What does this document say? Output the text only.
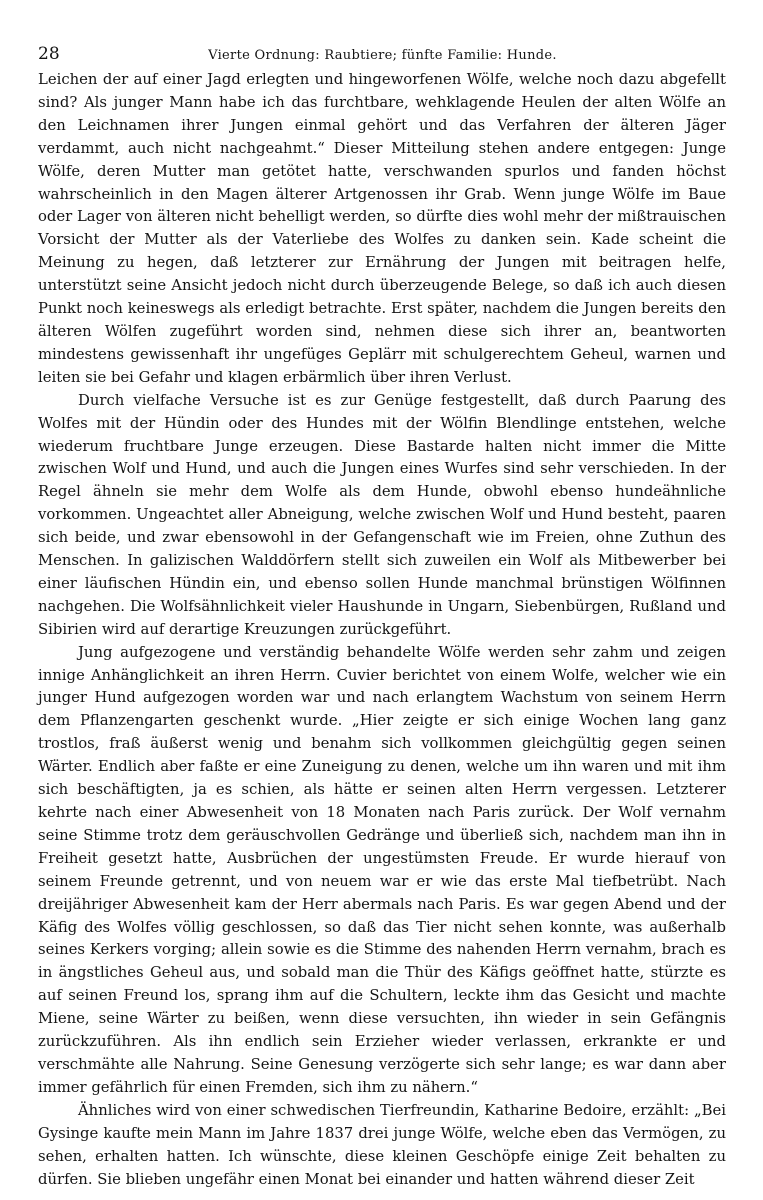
28	Vierte Ordnung: Raubtiere; fünfte Familie: Hunde.

Leichen der auf einer Jagd erlegten und hingeworfenen Wölfe, welche noch dazu abgefellt sind? Als junger Mann habe ich das furchtbare, wehklagende Heulen der alten Wölfe an den Leichnamen ihrer Jungen einmal gehört und das Verfahren der älteren Jäger verdammt, auch nicht nachgeahmt.“ Dieser Mitteilung stehen andere entgegen: Junge Wölfe, deren Mutter man getötet hatte, verschwanden spurlos und fanden höchst wahrscheinlich in den Magen älterer Artgenossen ihr Grab. Wenn junge Wölfe im Baue oder Lager von älteren nicht behelligt werden, so dürfte dies wohl mehr der mißtrauischen Vorsicht der Mutter als der Vaterliebe des Wolfes zu danken sein. Kade scheint die Meinung zu hegen, daß letzterer zur Ernährung der Jungen mit beitragen helfe, unterstützt seine Ansicht jedoch nicht durch überzeugende Belege, so daß ich auch diesen Punkt noch keineswegs als erledigt betrachte. Erst später, nachdem die Jungen bereits den älteren Wölfen zugeführt worden sind, nehmen diese sich ihrer an, beantworten mindestens gewissenhaft ihr ungefüges Geplärr mit schulgerechtem Geheul, warnen und leiten sie bei Gefahr und klagen erbärmlich über ihren Verlust.

Durch vielfache Versuche ist es zur Genüge festgestellt, daß durch Paarung des Wolfes mit der Hündin oder des Hundes mit der Wölfin Blendlinge entstehen, welche wiederum fruchtbare Junge erzeugen. Diese Bastarde halten nicht immer die Mitte zwischen Wolf und Hund, und auch die Jungen eines Wurfes sind sehr verschieden. In der Regel ähneln sie mehr dem Wolfe als dem Hunde, obwohl ebenso hundeähnliche vorkommen. Ungeachtet aller Abneigung, welche zwischen Wolf und Hund besteht, paaren sich beide, und zwar ebensowohl in der Gefangenschaft wie im Freien, ohne Zuthun des Menschen. In galizischen Walddörfern stellt sich zuweilen ein Wolf als Mitbewerber bei einer läufischen Hündin ein, und ebenso sollen Hunde manchmal brünstigen Wölfinnen nachgehen. Die Wolfsähnlichkeit vieler Haushunde in Ungarn, Siebenbürgen, Rußland und Sibirien wird auf derartige Kreuzungen zurückgeführt.

Jung aufgezogene und verständig behandelte Wölfe werden sehr zahm und zeigen innige Anhänglichkeit an ihren Herrn. Cuvier berichtet von einem Wolfe, welcher wie ein junger Hund aufgezogen worden war und nach erlangtem Wachstum von seinem Herrn dem Pflanzengarten geschenkt wurde. „Hier zeigte er sich einige Wochen lang ganz trostlos, fraß äußerst wenig und benahm sich vollkommen gleichgültig gegen seinen Wärter. Endlich aber faßte er eine Zuneigung zu denen, welche um ihn waren und mit ihm sich beschäftigten, ja es schien, als hätte er seinen alten Herrn vergessen. Letzterer kehrte nach einer Abwesenheit von 18 Monaten nach Paris zurück. Der Wolf vernahm seine Stimme trotz dem geräuschvollen Gedränge und überließ sich, nachdem man ihn in Freiheit gesetzt hatte, Ausbrüchen der ungestümsten Freude. Er wurde hierauf von seinem Freunde getrennt, und von neuem war er wie das erste Mal tiefbetrübt. Nach dreijähriger Abwesenheit kam der Herr abermals nach Paris. Es war gegen Abend und der Käfig des Wolfes völlig geschlossen, so daß das Tier nicht sehen konnte, was außerhalb seines Kerkers vorging; allein sowie es die Stimme des nahenden Herrn vernahm, brach es in ängstliches Geheul aus, und sobald man die Thür des Käfigs geöffnet hatte, stürzte es auf seinen Freund los, sprang ihm auf die Schultern, leckte ihm das Gesicht und machte Miene, seine Wärter zu beißen, wenn diese versuchten, ihn wieder in sein Gefängnis zurückzuführen. Als ihn endlich sein Erzieher wieder verlassen, erkrankte er und verschmähte alle Nahrung. Seine Genesung verzögerte sich sehr lange; es war dann aber immer gefährlich für einen Fremden, sich ihm zu nähern.“

Ähnliches wird von einer schwedischen Tierfreundin, Katharine Bedoire, erzählt: „Bei Gysinge kaufte mein Mann im Jahre 1837 drei junge Wölfe, welche eben das Vermögen, zu sehen, erhalten hatten. Ich wünschte, diese kleinen Geschöpfe einige Zeit behalten zu dürfen. Sie blieben ungefähr einen Monat bei einander und hatten während dieser Zeit
